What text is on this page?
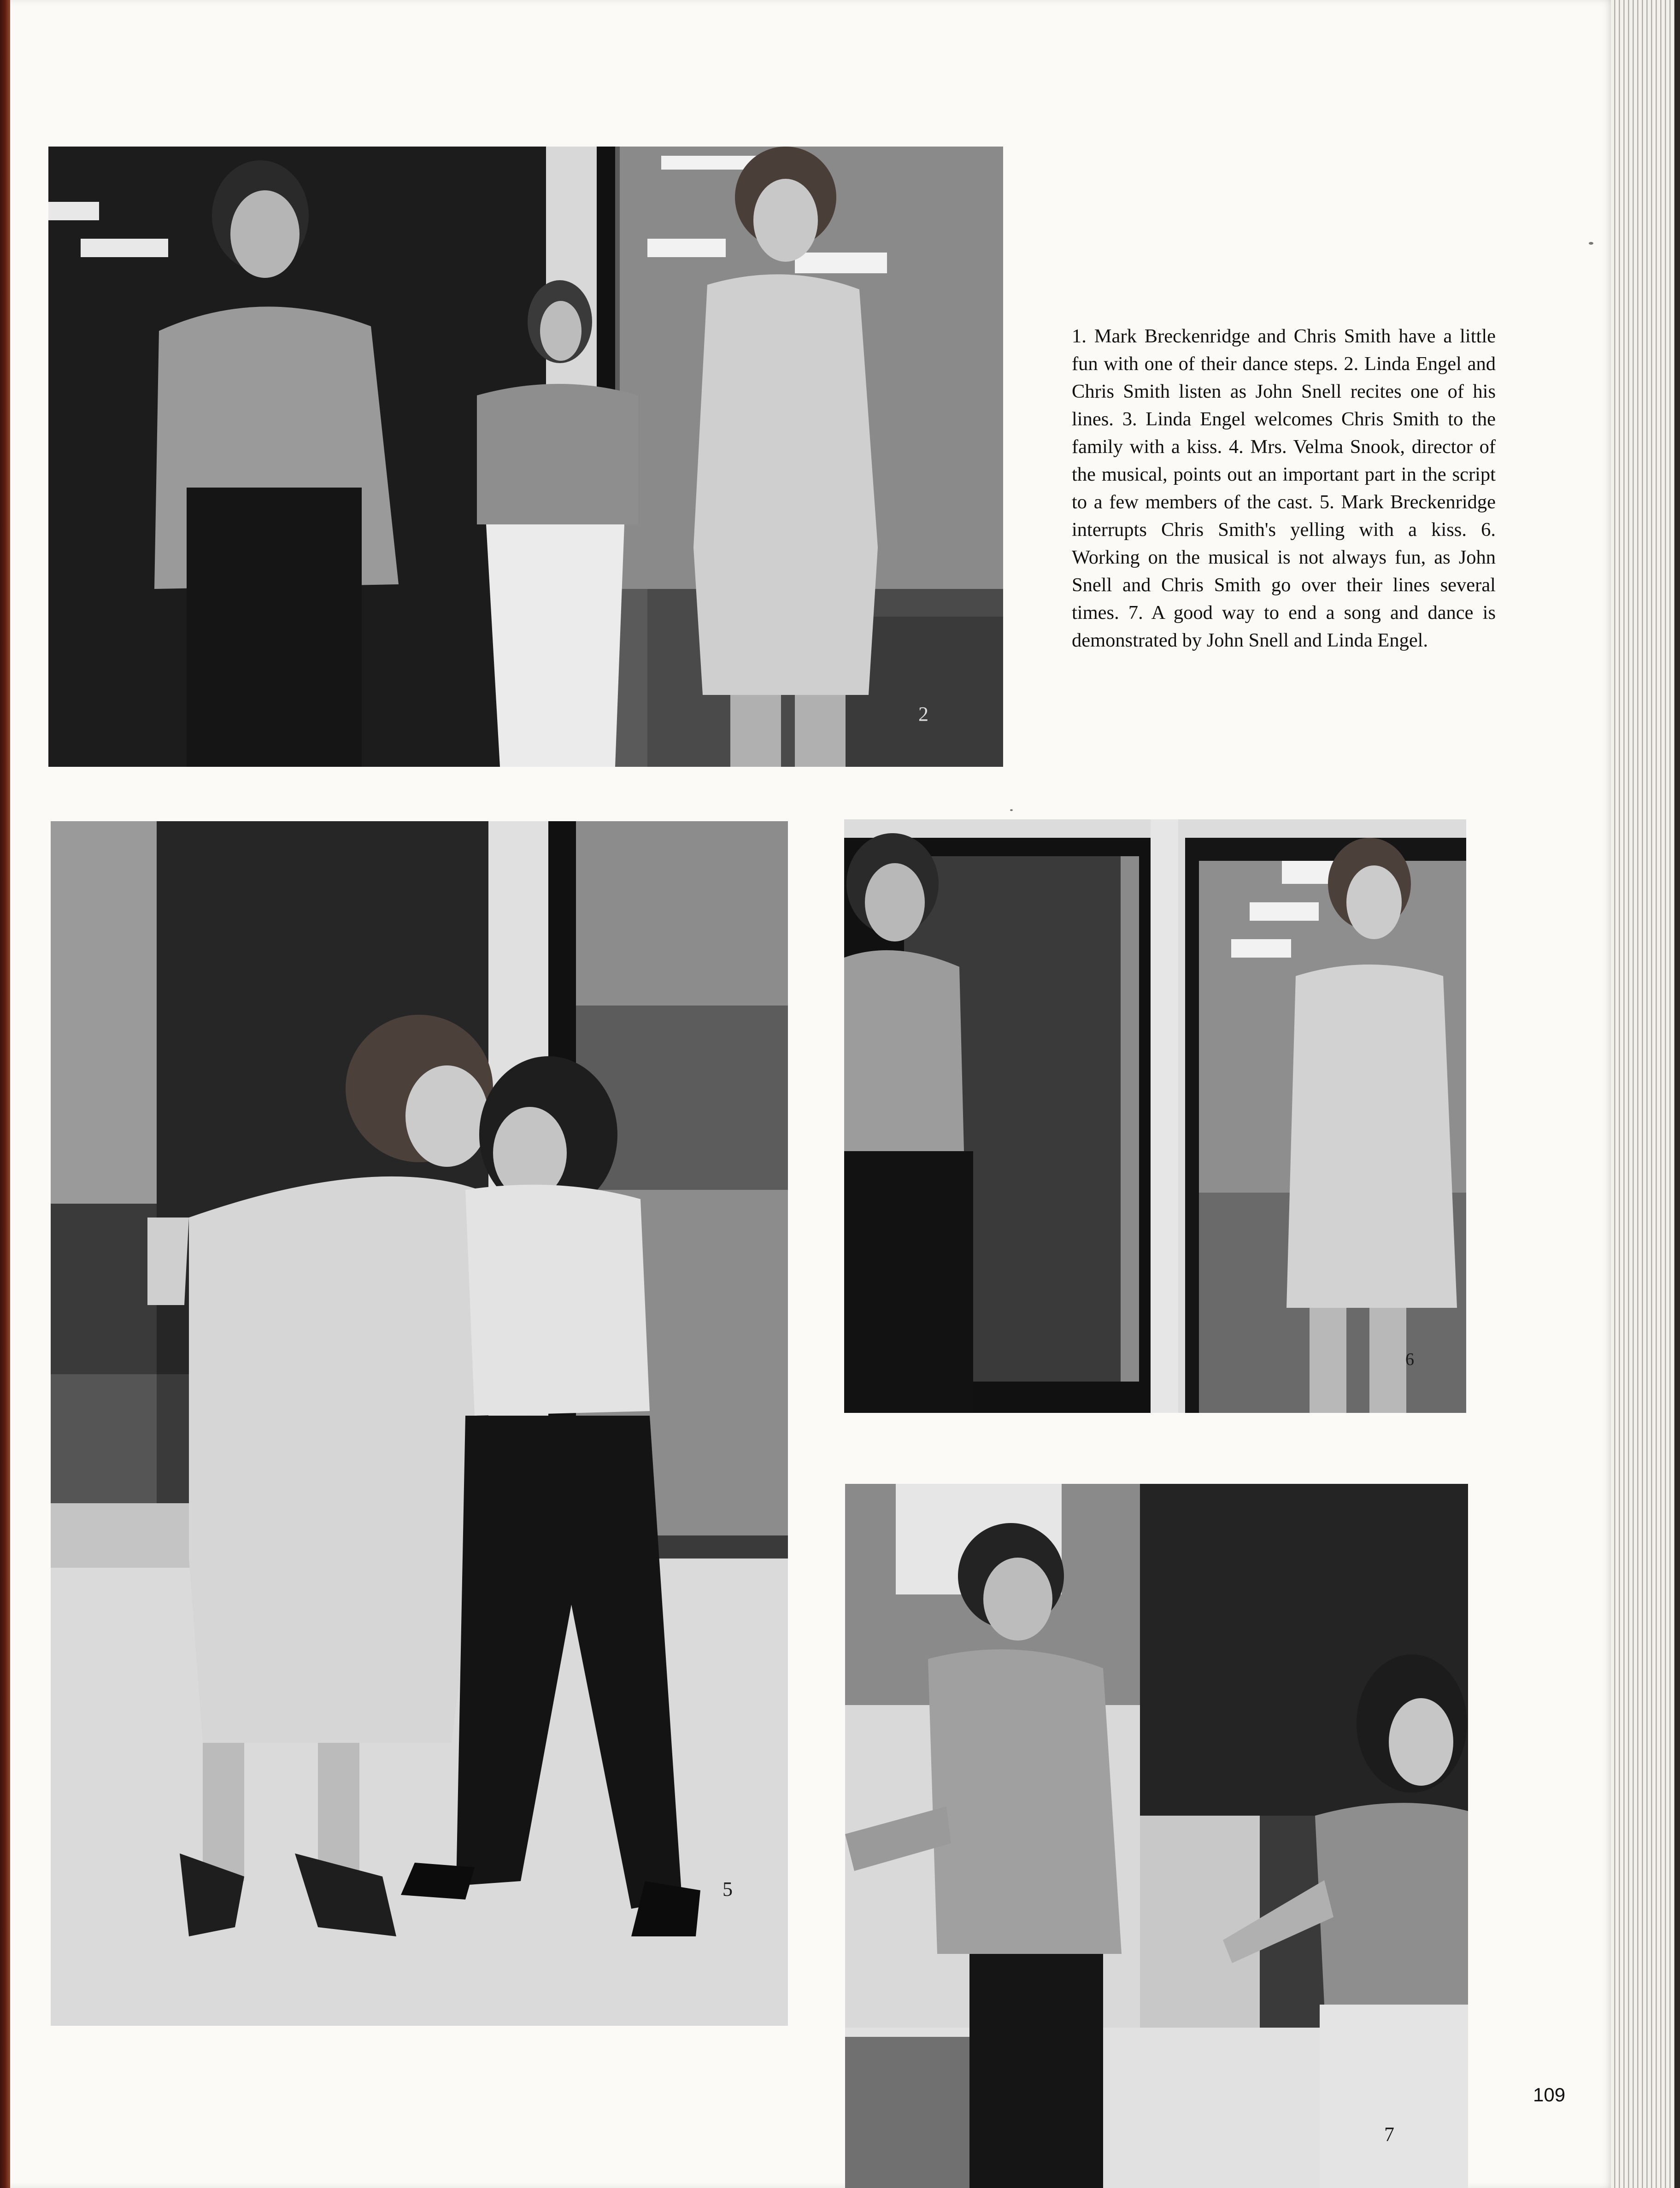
2

1. Mark Breckenridge and Chris Smith have a little fun with one of their dance steps. 2. Linda Engel and Chris Smith listen as John Snell recites one of his lines. 3. Linda Engel welcomes Chris Smith to the family with a kiss. 4. Mrs. Velma Snook, director of the musical, points out an important part in the script to a few members of the cast. 5. Mark Breckenridge interrupts Chris Smith's yelling with a kiss. 6. Working on the musical is not always fun, as John Snell and Chris Smith go over their lines several times. 7. A good way to end a song and dance is demonstrated by John Snell and Linda Engel.

5
6
7
109
